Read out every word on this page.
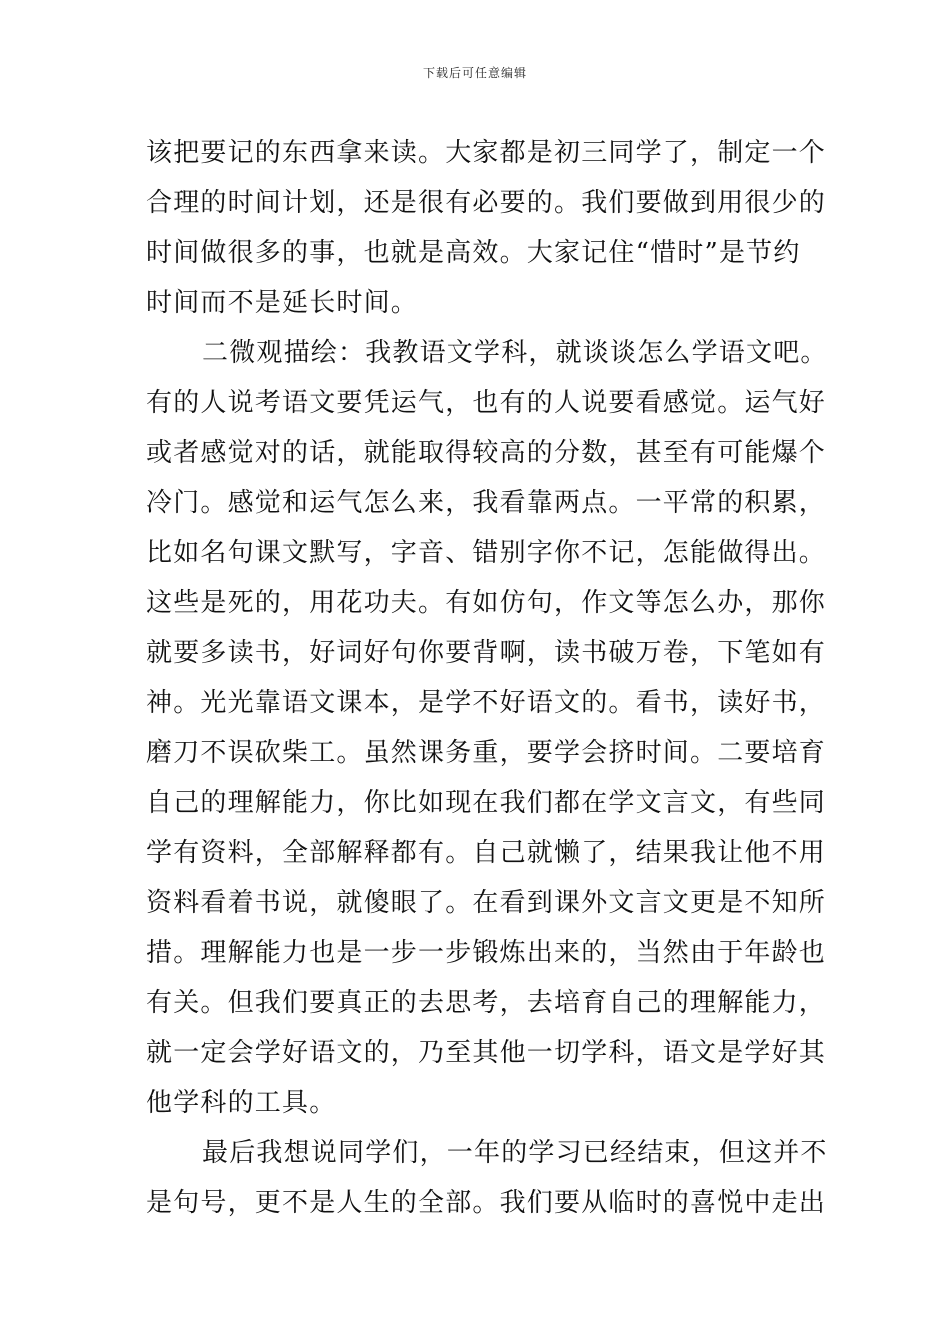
下载后可任意编辑
该把要记的东西拿来读。大家都是初三同学了，制定一个
合理的时间计划，还是很有必要的。我们要做到用很少的
时间做很多的事，也就是高效。大家记住“惜时”是节约
时间而不是延长时间。
二微观描绘：我教语文学科，就谈谈怎么学语文吧。
有的人说考语文要凭运气，也有的人说要看感觉。运气好
或者感觉对的话，就能取得较高的分数，甚至有可能爆个
冷门。感觉和运气怎么来，我看靠两点。一平常的积累，
比如名句课文默写，字音、错别字你不记，怎能做得出。
这些是死的，用花功夫。有如仿句，作文等怎么办，那你
就要多读书，好词好句你要背啊，读书破万卷，下笔如有
神。光光靠语文课本，是学不好语文的。看书，读好书，
磨刀不误砍柴工。虽然课务重，要学会挤时间。二要培育
自己的理解能力，你比如现在我们都在学文言文，有些同
学有资料，全部解释都有。自己就懒了，结果我让他不用
资料看着书说，就傻眼了。在看到课外文言文更是不知所
措。理解能力也是一步一步锻炼出来的，当然由于年龄也
有关。但我们要真正的去思考，去培育自己的理解能力，
就一定会学好语文的，乃至其他一切学科，语文是学好其
他学科的工具。
最后我想说同学们，一年的学习已经结束，但这并不
是句号，更不是人生的全部。我们要从临时的喜悦中走出
